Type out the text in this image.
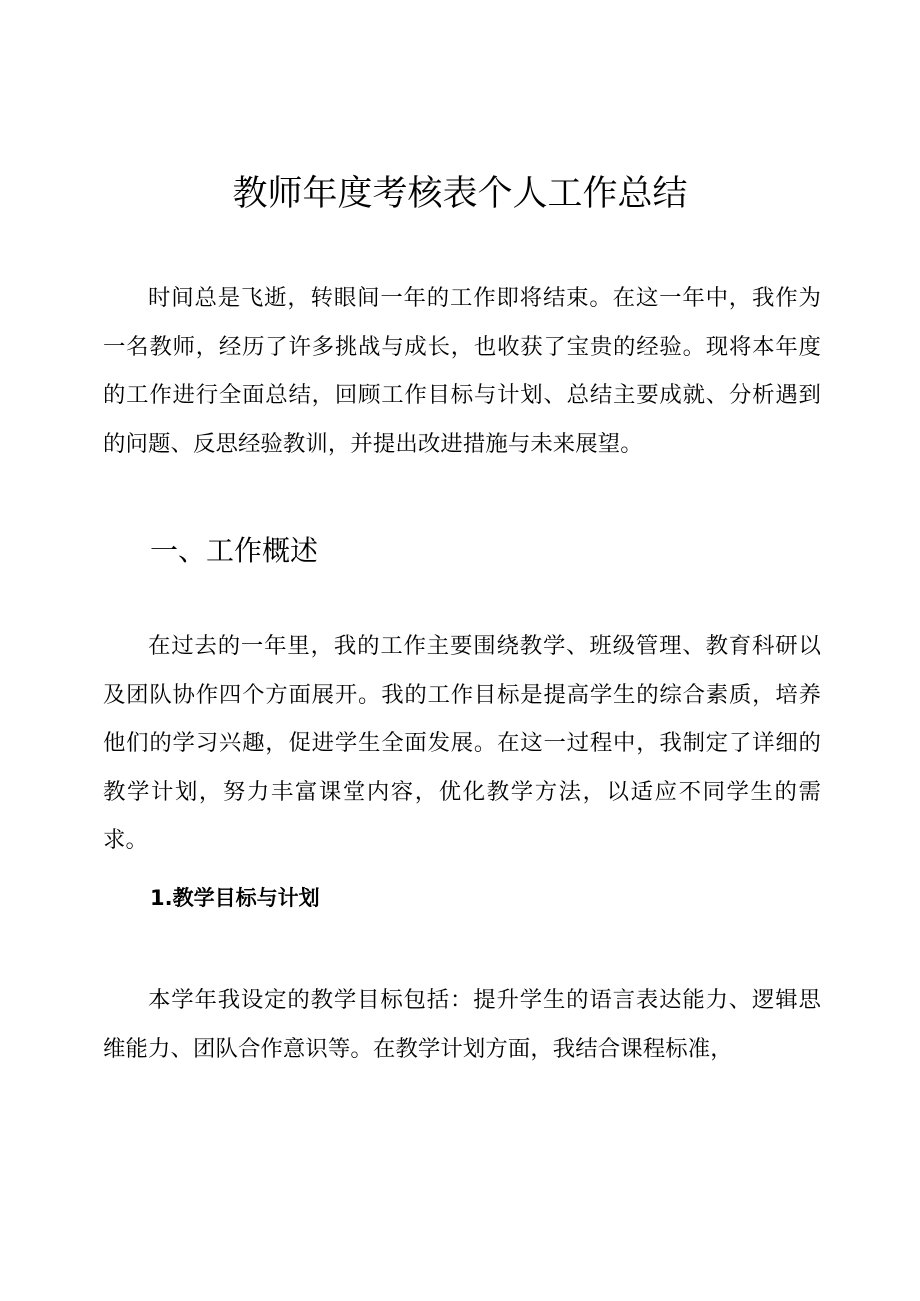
教师年度考核表个人工作总结

时间总是飞逝，转眼间一年的工作即将结束。在这一年中，我作为一名教师，经历了许多挑战与成长，也收获了宝贵的经验。现将本年度的工作进行全面总结，回顾工作目标与计划、总结主要成就、分析遇到的问题、反思经验教训，并提出改进措施与未来展望。

一、工作概述

在过去的一年里，我的工作主要围绕教学、班级管理、教育科研以及团队协作四个方面展开。我的工作目标是提高学生的综合素质，培养他们的学习兴趣，促进学生全面发展。在这一过程中，我制定了详细的教学计划，努力丰富课堂内容，优化教学方法，以适应不同学生的需求。

1.教学目标与计划

本学年我设定的教学目标包括：提升学生的语言表达能力、逻辑思维能力、团队合作意识等。在教学计划方面，我结合课程标准，
